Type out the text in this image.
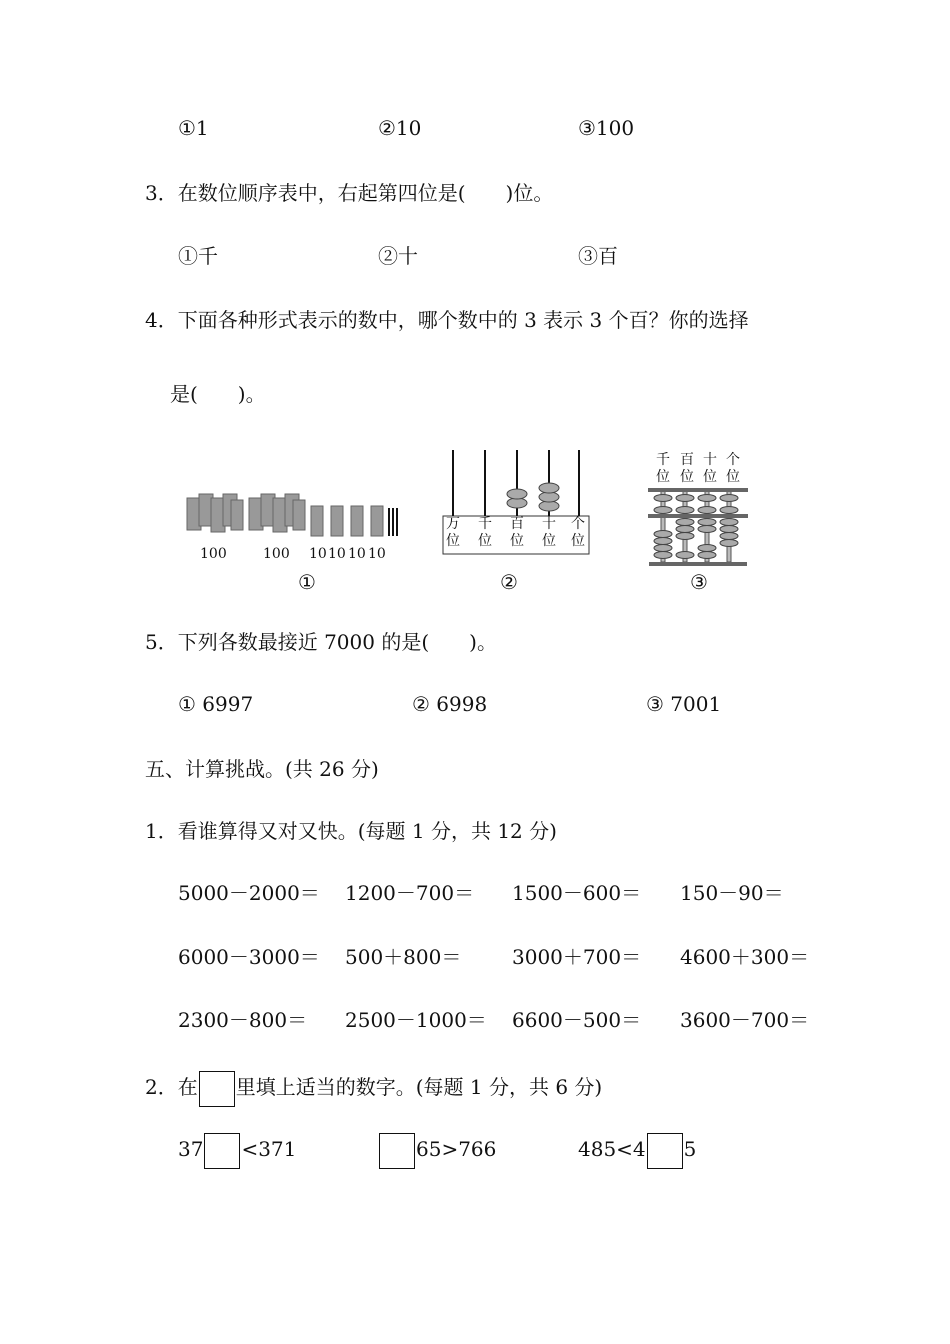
①1	②10	③100
3．在数位顺序表中，右起第四位是(　　)位。
①千	②十	③百
4．下面各种形式表示的数中，哪个数中的 3 表示 3 个百？你的选择
是(　　)。
100	100 10 10 10 10
①
万
位
千
位
百
位
十
位
个
位
②
千
位
百
位
十
位
个
位
③
5．下列各数最接近 7000 的是(　　)。
① 6997	② 6998	③ 7001
五、计算挑战。(共 26 分)
1．看谁算得又对又快。(每题 1 分，共 12 分)
5000－2000＝ 1200－700＝ 1500－600＝ 150－90＝
6000－3000＝ 500＋800＝	3000＋700＝ 4600＋300＝
2300－800＝ 2500－1000＝ 6600－500＝ 3600－700＝
2．在 里填上适当的数字。(每题 1 分，共 6 分)
37 <371	65>766	485<4 5
